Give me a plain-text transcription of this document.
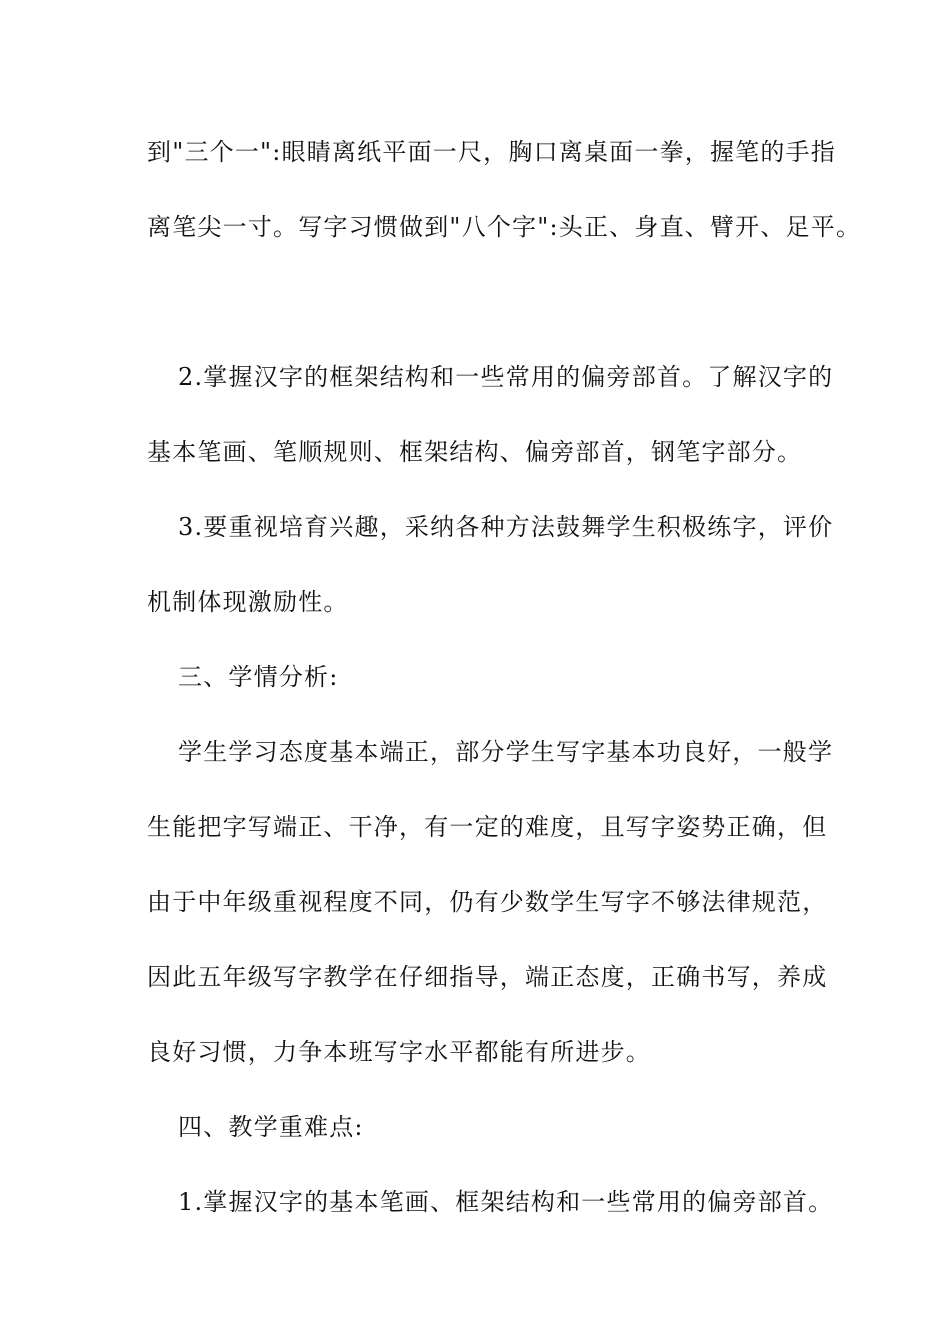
到"三个一":眼睛离纸平面一尺，胸口离桌面一拳，握笔的手指
离笔尖一寸。写字习惯做到"八个字":头正、身直、臂开、足平。
2.掌握汉字的框架结构和一些常用的偏旁部首。了解汉字的
基本笔画、笔顺规则、框架结构、偏旁部首，钢笔字部分。
3.要重视培育兴趣，采纳各种方法鼓舞学生积极练字，评价
机制体现激励性。
三、学情分析:
学生学习态度基本端正，部分学生写字基本功良好，一般学
生能把字写端正、干净，有一定的难度，且写字姿势正确，但
由于中年级重视程度不同，仍有少数学生写字不够法律规范，
因此五年级写字教学在仔细指导，端正态度，正确书写，养成
良好习惯，力争本班写字水平都能有所进步。
四、教学重难点:
1.掌握汉字的基本笔画、框架结构和一些常用的偏旁部首。
